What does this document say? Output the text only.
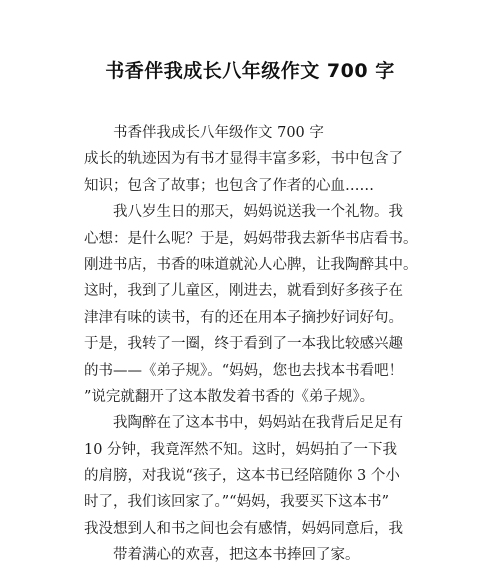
书香伴我成长八年级作文 700 字
书香伴我成长八年级作文 700 字
成长的轨迹因为有书才显得丰富多彩，书中包含了
知识；包含了故事；也包含了作者的心血……
我八岁生日的那天，妈妈说送我一个礼物。我
心想：是什么呢？于是，妈妈带我去新华书店看书。
刚进书店，书香的味道就沁人心脾，让我陶醉其中。
这时，我到了儿童区，刚进去，就看到好多孩子在
津津有味的读书，有的还在用本子摘抄好词好句。
于是，我转了一圈，终于看到了一本我比较感兴趣
的书——《弟子规》。“妈妈，您也去找本书看吧！
”说完就翻开了这本散发着书香的《弟子规》。
我陶醉在了这本书中，妈妈站在我背后足足有
10 分钟，我竟浑然不知。这时，妈妈拍了一下我
的肩膀，对我说“孩子，这本书已经陪随你 3 个小
时了，我们该回家了。”“妈妈，我要买下这本书”
我没想到人和书之间也会有感情，妈妈同意后，我
带着满心的欢喜，把这本书捧回了家。
